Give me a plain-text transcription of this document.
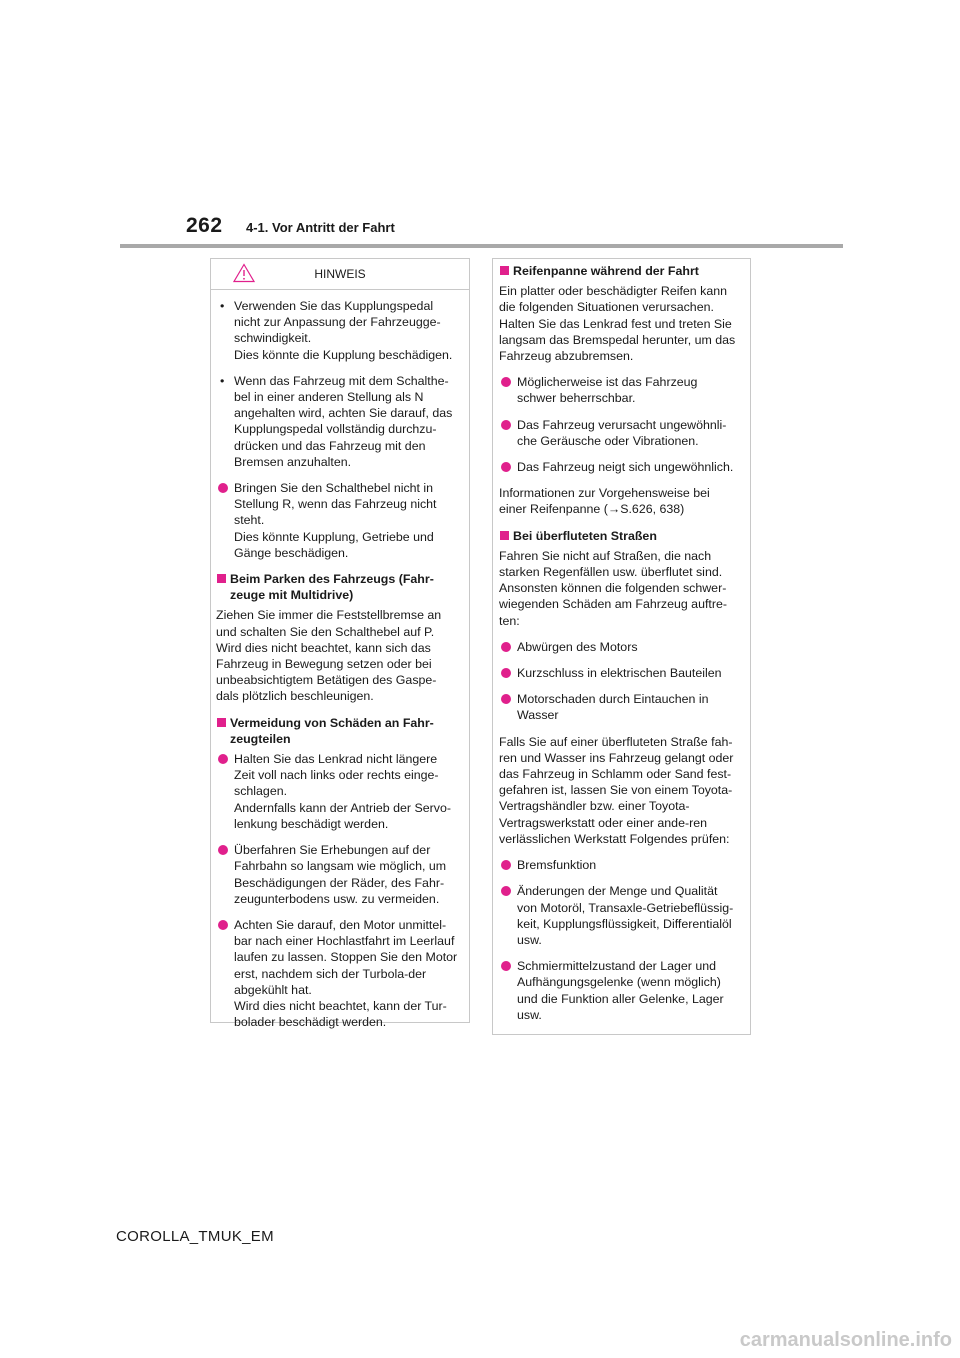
262 4-1. Vor Antritt der Fahrt
HINWEIS

• Verwenden Sie das Kupplungspedal nicht zur Anpassung der Fahrzeugge-schwindigkeit.
Dies könnte die Kupplung beschädigen.

• Wenn das Fahrzeug mit dem Schalthe-bel in einer anderen Stellung als N angehalten wird, achten Sie darauf, das Kupplungspedal vollständig durchzu-drücken und das Fahrzeug mit den Bremsen anzuhalten.

Bringen Sie den Schalthebel nicht in Stellung R, wenn das Fahrzeug nicht steht.
Dies könnte Kupplung, Getriebe und Gänge beschädigen.

Beim Parken des Fahrzeugs (Fahr-zeuge mit Multidrive)

Ziehen Sie immer die Feststellbremse an und schalten Sie den Schalthebel auf P. Wird dies nicht beachtet, kann sich das Fahrzeug in Bewegung setzen oder bei unbeabsichtigtem Betätigen des Gaspe-dals plötzlich beschleunigen.

Vermeidung von Schäden an Fahr-zeugteilen

Halten Sie das Lenkrad nicht längere Zeit voll nach links oder rechts einge-schlagen.
Andernfalls kann der Antrieb der Servo-lenkung beschädigt werden.

Überfahren Sie Erhebungen auf der Fahrbahn so langsam wie möglich, um Beschädigungen der Räder, des Fahr-zeugunterbodens usw. zu vermeiden.

Achten Sie darauf, den Motor unmittel-bar nach einer Hochlastfahrt im Leerlauf laufen zu lassen. Stoppen Sie den Motor erst, nachdem sich der Turbola-der abgekühlt hat.
Wird dies nicht beachtet, kann der Tur-bolader beschädigt werden.

Reifenpanne während der Fahrt

Ein platter oder beschädigter Reifen kann die folgenden Situationen verursachen. Halten Sie das Lenkrad fest und treten Sie langsam das Bremspedal herunter, um das Fahrzeug abzubremsen.

Möglicherweise ist das Fahrzeug schwer beherrschbar.

Das Fahrzeug verursacht ungewöhnli-che Geräusche oder Vibrationen.

Das Fahrzeug neigt sich ungewöhnlich.

Informationen zur Vorgehensweise bei einer Reifenpanne (→S.626, 638)

Bei überfluteten Straßen

Fahren Sie nicht auf Straßen, die nach starken Regenfällen usw. überflutet sind. Ansonsten können die folgenden schwer-wiegenden Schäden am Fahrzeug auftre-ten:

Abwürgen des Motors

Kurzschluss in elektrischen Bauteilen

Motorschaden durch Eintauchen in Wasser

Falls Sie auf einer überfluteten Straße fah-ren und Wasser ins Fahrzeug gelangt oder das Fahrzeug in Schlamm oder Sand fest-gefahren ist, lassen Sie von einem Toyota-Vertragshändler bzw. einer Toyota-Vertragswerkstatt oder einer ande-ren verlässlichen Werkstatt Folgendes prüfen:

Bremsfunktion

Änderungen der Menge und Qualität von Motoröl, Transaxle-Getriebeflüssig-keit, Kupplungsflüssigkeit, Differentialöl usw.

Schmiermittelzustand der Lager und Aufhängungsgelenke (wenn möglich) und die Funktion aller Gelenke, Lager usw.

COROLLA_TMUK_EM
carmanualsonline.info
